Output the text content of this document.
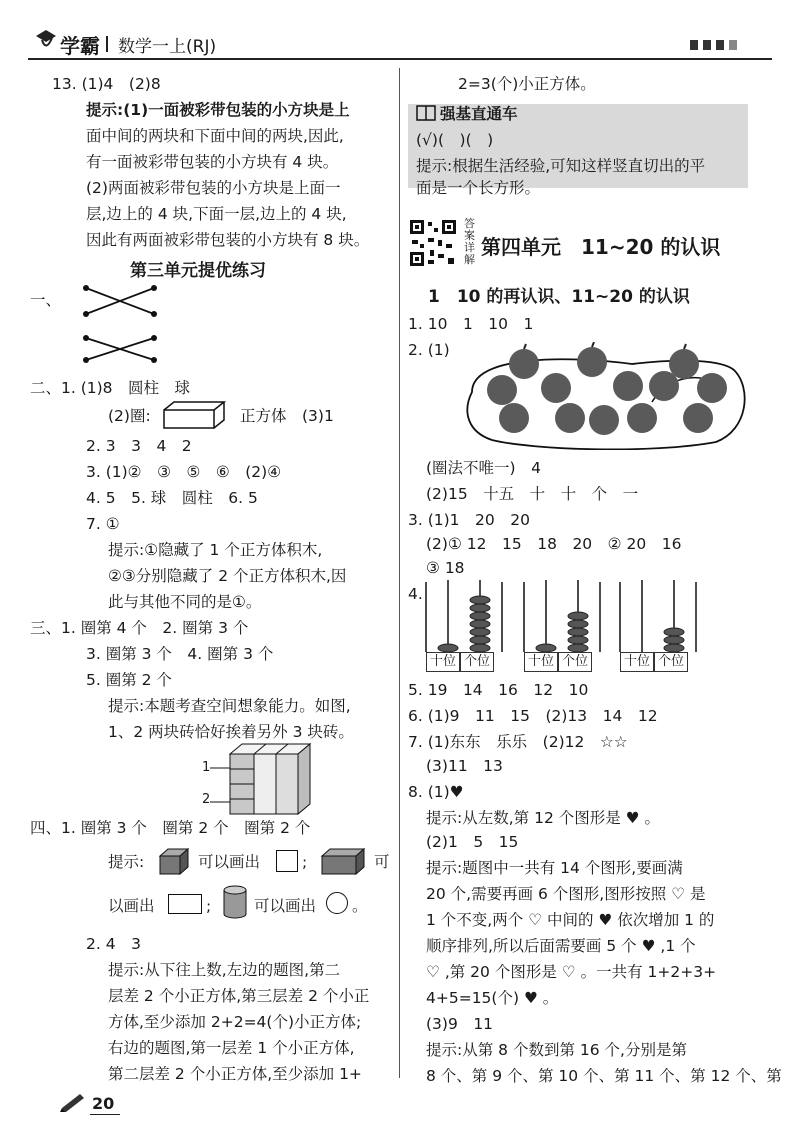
学霸 数学一上(RJ)
13. (1)4　(2)8
提示:(1)一面被彩带包装的小方块是上
面中间的两块和下面中间的两块,因此,
有一面被彩带包装的小方块有 4 块。
(2)两面被彩带包装的小方块是上面一
层,边上的 4 块,下面一层,边上的 4 块,
因此有两面被彩带包装的小方块有 8 块。
第三单元提优练习
一、
二、1. (1)8　圆柱　球
(2)圈:	正方体　(3)1
2. 3　3　4　2
3. (1)②　③　⑤　⑥　(2)④
4. 5　5. 球　圆柱　6. 5
7. ①
提示:①隐藏了 1 个正方体积木,
②③分别隐藏了 2 个正方体积木,因
此与其他不同的是①。
三、1. 圈第 4 个　2. 圈第 3 个
3. 圈第 3 个　4. 圈第 3 个
5. 圈第 2 个
提示:本题考查空间想象能力。如图,
1、2 两块砖恰好挨着另外 3 块砖。
1
2
四、1. 圈第 3 个　圈第 2 个　圈第 2 个
提示:	可以画出	;	可
以画出	;	可以画出 。
2. 4　3
提示:从下往上数,左边的题图,第二
层差 2 个小正方体,第三层差 2 个小正
方体,至少添加 2+2=4(个)小正方体;
右边的题图,第一层差 1 个小正方体,
第二层差 2 个小正方体,至少添加 1+
20
2=3(个)小正方体。
强基直通车
(√)(　)(　)
提示:根据生活经验,可知这样竖直切出的平
面是一个长方形。
答案详解
第四单元　11~20 的认识
1　10 的再认识、11~20 的认识
1. 10　1　10　1
2. (1)
(圈法不唯一)　4
(2)15　十五　十　十　个　一
3. (1)1　20　20
(2)① 12　15　18　20　② 20　16
③ 18
4.
十位 个位	十位 个位	十位 个位
5. 19　14　16　12　10
6. (1)9　11　15　(2)13　14　12
7. (1)东东　乐乐　(2)12　☆☆
(3)11　13
8. (1)♥
提示:从左数,第 12 个图形是 ♥ 。
(2)1　5　15
提示:题图中一共有 14 个图形,要画满
20 个,需要再画 6 个图形,图形按照 ♡ 是
1 个不变,两个 ♡ 中间的 ♥ 依次增加 1 的
顺序排列,所以后面需要画 5 个 ♥ ,1 个
♡ ,第 20 个图形是 ♡ 。一共有 1+2+3+
4+5=15(个) ♥ 。
(3)9　11
提示:从第 8 个数到第 16 个,分别是第
8 个、第 9 个、第 10 个、第 11 个、第 12 个、第
